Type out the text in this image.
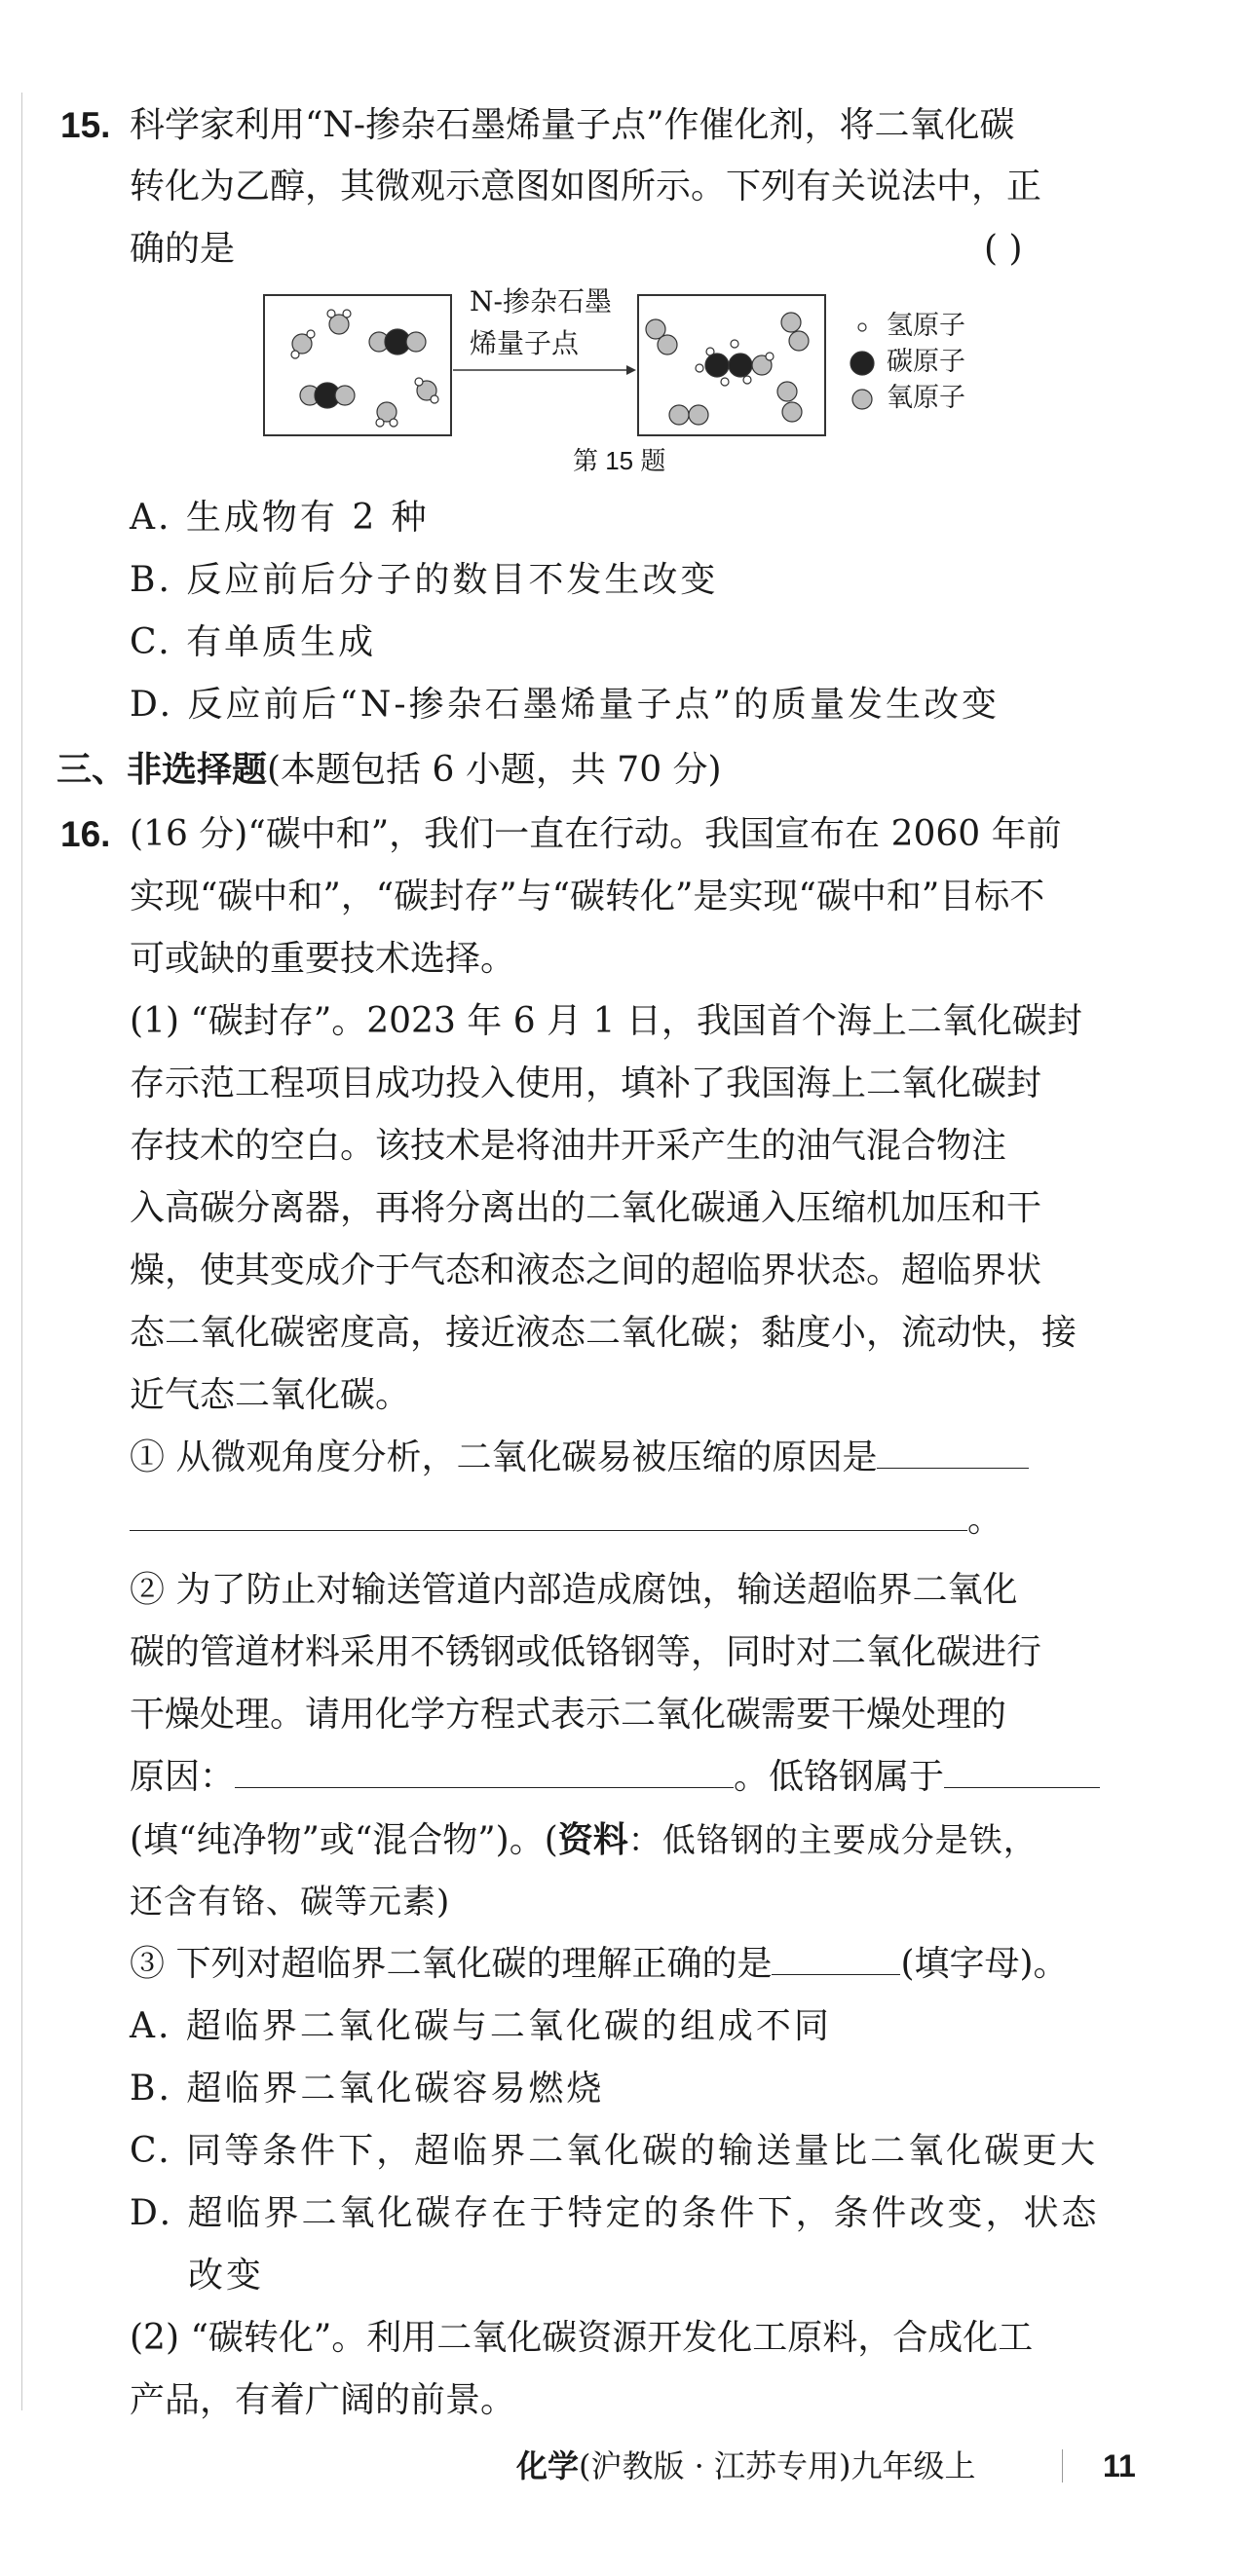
15. 科学家利用“N-掺杂石墨烯量子点”作催化剂，将二氧化碳
转化为乙醇，其微观示意图如图所示。下列有关说法中，正
确的是	( )
N-掺杂石墨
烯量子点
氢原子
碳原子
氧原子
第 15 题
A. 生成物有 2 种
B. 反应前后分子的数目不发生改变
C. 有单质生成
D. 反应前后“N-掺杂石墨烯量子点”的质量发生改变
三、非选择题(本题包括 6 小题，共 70 分)
16. (16 分)“碳中和”，我们一直在行动。我国宣布在 2060 年前
实现“碳中和”，“碳封存”与“碳转化”是实现“碳中和”目标不
可或缺的重要技术选择。
(1) “碳封存”。2023 年 6 月 1 日，我国首个海上二氧化碳封
存示范工程项目成功投入使用，填补了我国海上二氧化碳封
存技术的空白。该技术是将油井开采产生的油气混合物注
入高碳分离器，再将分离出的二氧化碳通入压缩机加压和干
燥，使其变成介于气态和液态之间的超临界状态。超临界状
态二氧化碳密度高，接近液态二氧化碳；黏度小，流动快，接
近气态二氧化碳。
① 从微观角度分析，二氧化碳易被压缩的原因是
。
② 为了防止对输送管道内部造成腐蚀，输送超临界二氧化
碳的管道材料采用不锈钢或低铬钢等，同时对二氧化碳进行
干燥处理。请用化学方程式表示二氧化碳需要干燥处理的
原因：	。低铬钢属于
(填“纯净物”或“混合物”)。(资料：低铬钢的主要成分是铁，
还含有铬、碳等元素)
③ 下列对超临界二氧化碳的理解正确的是	(填字母)。
A. 超临界二氧化碳与二氧化碳的组成不同
B. 超临界二氧化碳容易燃烧
C. 同等条件下，超临界二氧化碳的输送量比二氧化碳更大
D. 超临界二氧化碳存在于特定的条件下，条件改变，状态
改变
(2) “碳转化”。利用二氧化碳资源开发化工原料，合成化工
产品，有着广阔的前景。
化学(沪教版 · 江苏专用)九年级上	11
